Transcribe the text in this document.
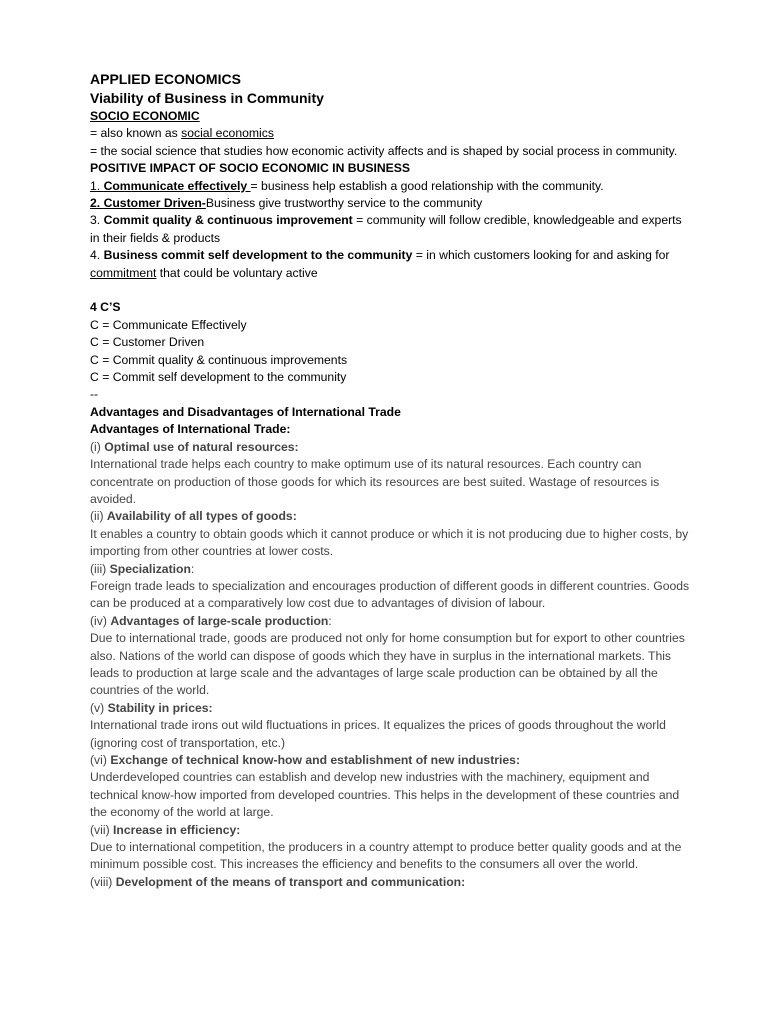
APPLIED ECONOMICS

Viability of Business in Community

SOCIO ECONOMIC

= also known as social economics

= the social science that studies how economic activity affects and is shaped by social process in community.

POSITIVE IMPACT OF SOCIO ECONOMIC IN BUSINESS

1. Communicate effectively = business help establish a good relationship with the community.

2. Customer Driven-Business give trustworthy service to the community

3. Commit quality & continuous improvement = community will follow credible, knowledgeable and experts in their fields & products

4. Business commit self development to the community = in which customers looking for and asking for commitment that could be voluntary active

4 C’S

C = Communicate Effectively

C = Customer Driven

C = Commit quality & continuous improvements

C = Commit self development to the community

--

Advantages and Disadvantages of International Trade

Advantages of International Trade:

(i) Optimal use of natural resources:

International trade helps each country to make optimum use of its natural resources. Each country can concentrate on production of those goods for which its resources are best suited. Wastage of resources is avoided.

(ii) Availability of all types of goods:

It enables a country to obtain goods which it cannot produce or which it is not producing due to higher costs, by importing from other countries at lower costs.

(iii) Specialization:

Foreign trade leads to specialization and encourages production of different goods in different countries. Goods can be produced at a comparatively low cost due to advantages of division of labour.

(iv) Advantages of large-scale production:

Due to international trade, goods are produced not only for home consumption but for export to other countries also. Nations of the world can dispose of goods which they have in surplus in the international markets. This leads to production at large scale and the advantages of large scale production can be obtained by all the countries of the world.

(v) Stability in prices:

International trade irons out wild fluctuations in prices. It equalizes the prices of goods throughout the world (ignoring cost of transportation, etc.)

(vi) Exchange of technical know-how and establishment of new industries:

Underdeveloped countries can establish and develop new industries with the machinery, equipment and technical know-how imported from developed countries. This helps in the development of these countries and the economy of the world at large.

(vii) Increase in efficiency:

Due to international competition, the producers in a country attempt to produce better quality goods and at the minimum possible cost. This increases the efficiency and benefits to the consumers all over the world.

(viii) Development of the means of transport and communication:
